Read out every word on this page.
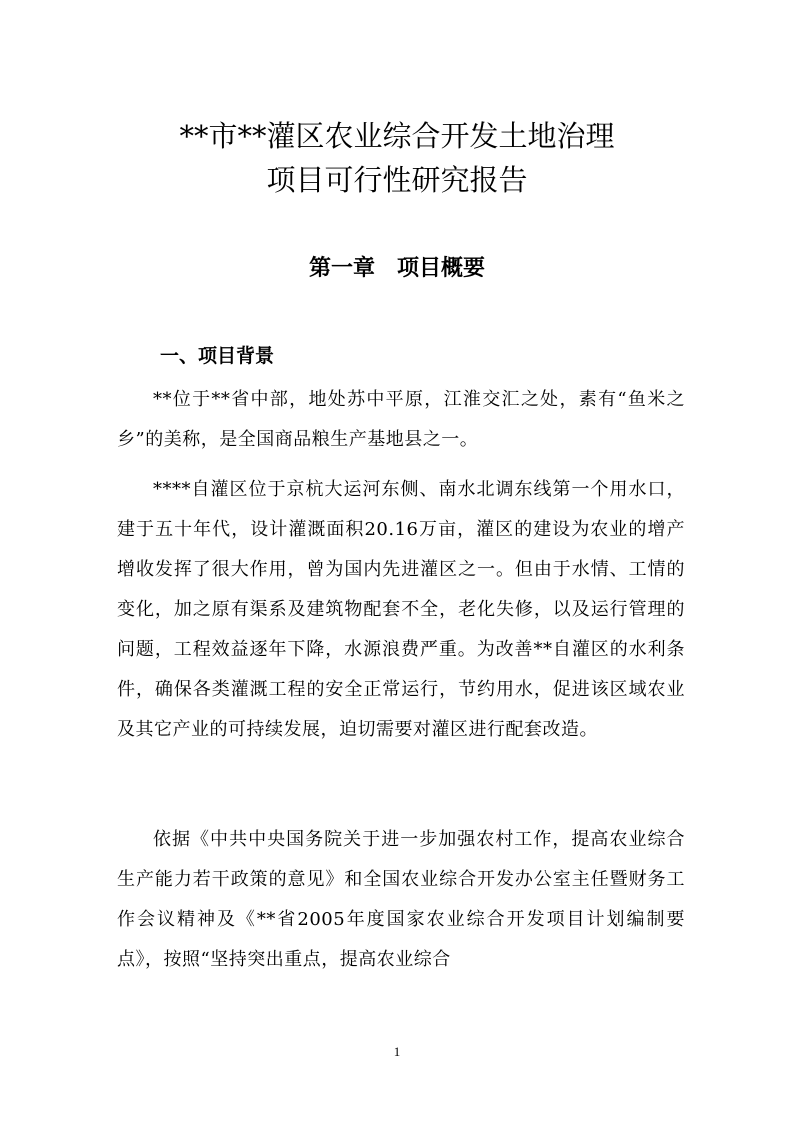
**市**灌区农业综合开发土地治理
项目可行性研究报告
第一章　项目概要
一、项目背景

**位于**省中部，地处苏中平原，江淮交汇之处，素有“鱼米之乡”的美称，是全国商品粮生产基地县之一。

****自灌区位于京杭大运河东侧、南水北调东线第一个用水口，建于五十年代，设计灌溉面积20.16万亩，灌区的建设为农业的增产增收发挥了很大作用，曾为国内先进灌区之一。但由于水情、工情的变化，加之原有渠系及建筑物配套不全，老化失修，以及运行管理的问题，工程效益逐年下降，水源浪费严重。为改善**自灌区的水利条件，确保各类灌溉工程的安全正常运行，节约用水，促进该区域农业及其它产业的可持续发展，迫切需要对灌区进行配套改造。

依据《中共中央国务院关于进一步加强农村工作，提高农业综合生产能力若干政策的意见》和全国农业综合开发办公室主任暨财务工作会议精神及《**省2005年度国家农业综合开发项目计划编制要点》，按照“坚持突出重点，提高农业综合

1
